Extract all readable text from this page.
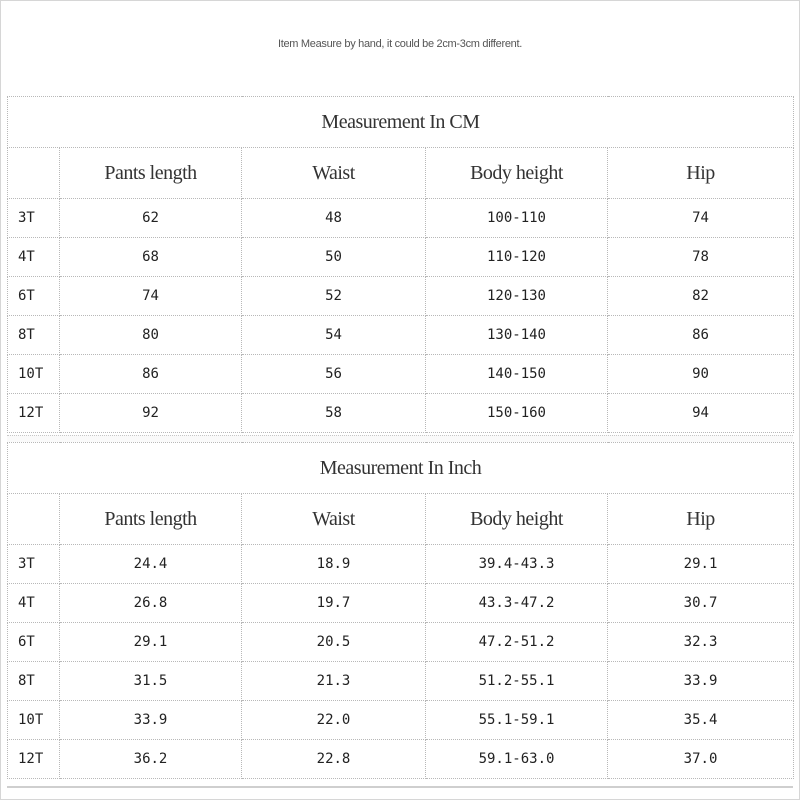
Item Measure by hand, it could be 2cm-3cm different.
Measurement In CM				
	Pants length	Waist	Body height	Hip
3T	62	48	100-110	74
4T	68	50	110-120	78
6T	74	52	120-130	82
8T	80	54	130-140	86
10T	86	56	140-150	90
12T	92	58	150-160	94
Measurement In Inch				
	Pants length	Waist	Body height	Hip
3T	24.4	18.9	39.4-43.3	29.1
4T	26.8	19.7	43.3-47.2	30.7
6T	29.1	20.5	47.2-51.2	32.3
8T	31.5	21.3	51.2-55.1	33.9
10T	33.9	22.0	55.1-59.1	35.4
12T	36.2	22.8	59.1-63.0	37.0
